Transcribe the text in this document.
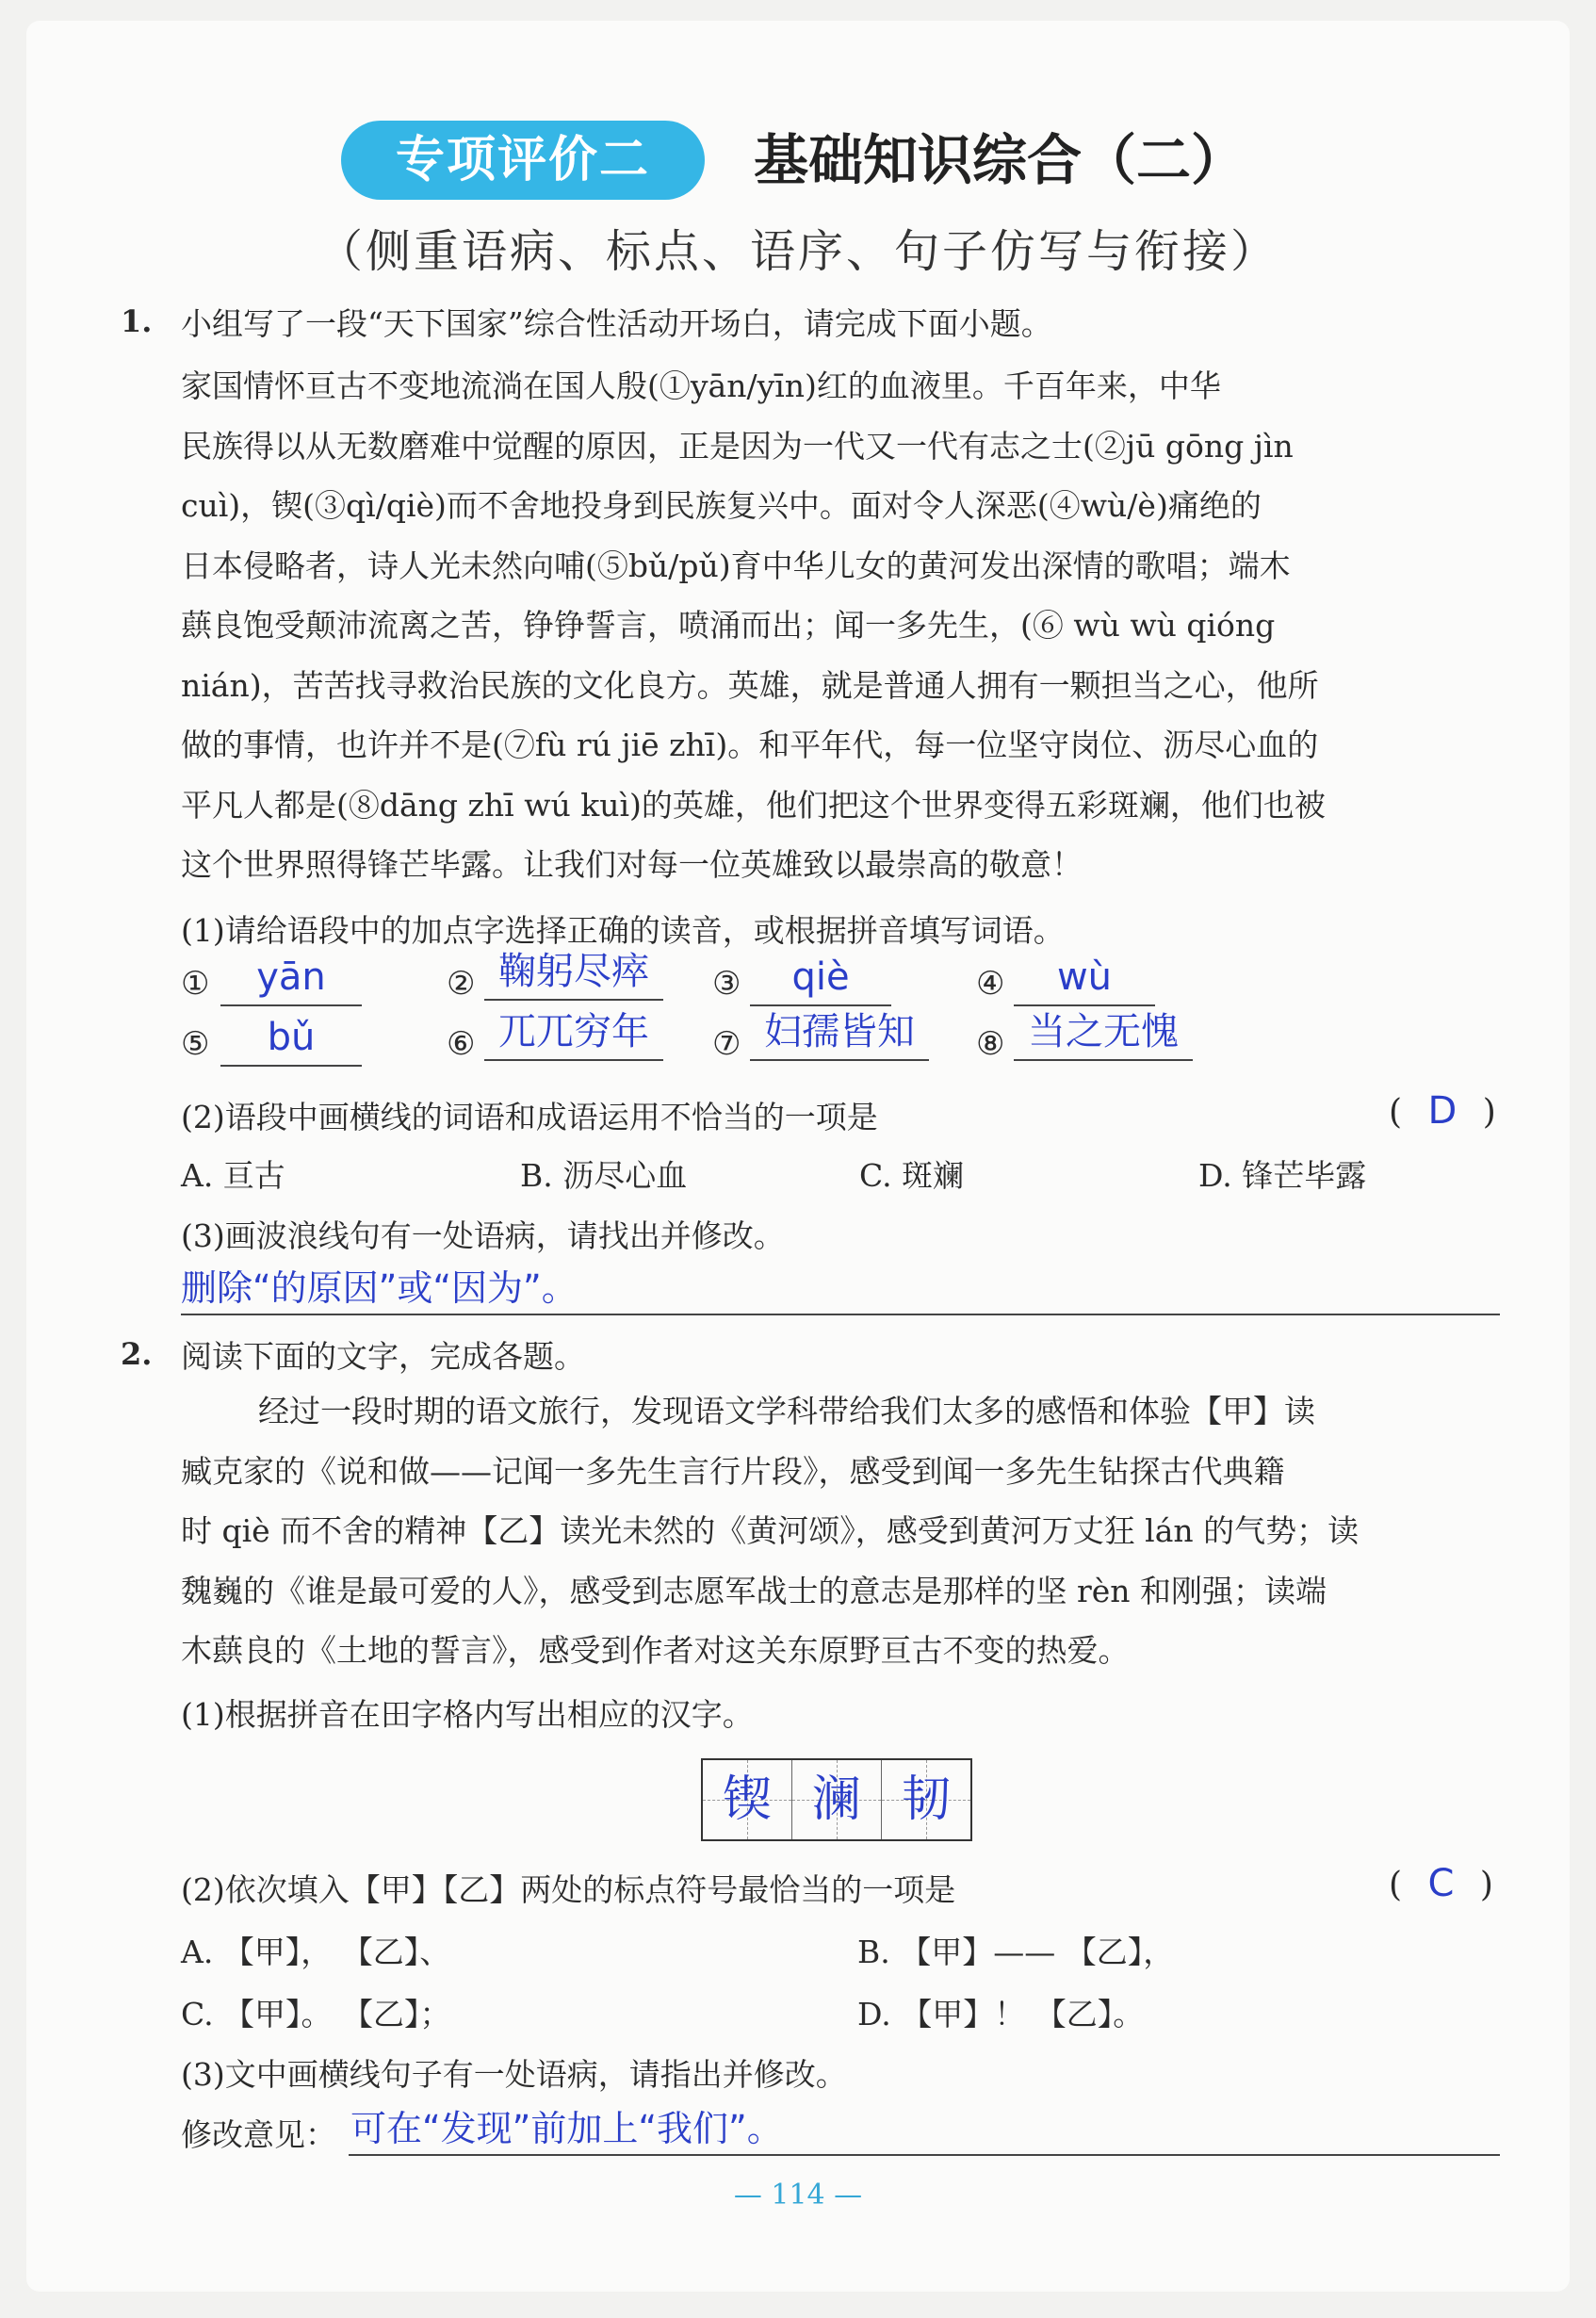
专项评价二	基础知识综合（二）
（侧重语病、标点、语序、句子仿写与衔接）
1. 小组写了一段“天下国家”综合性活动开场白，请完成下面小题。

家国情怀亘古不变地流淌在国人殷(①yān/yīn)红的血液里。千百年来，中华

民族得以从无数磨难中觉醒的原因，正是因为一代又一代有志之士(②jū gōng jìn

cuì)，锲(③qì/qiè)而不舍地投身到民族复兴中。面对令人深恶(④wù/è)痛绝的

日本侵略者，诗人光未然向哺(⑤bǔ/pǔ)育中华儿女的黄河发出深情的歌唱；端木

蕻良饱受颠沛流离之苦，铮铮誓言，喷涌而出；闻一多先生，(⑥ wù wù qióng

nián)，苦苦找寻救治民族的文化良方。英雄，就是普通人拥有一颗担当之心，他所

做的事情，也许并不是(⑦fù rú jiē zhī)。和平年代，每一位坚守岗位、沥尽心血的

平凡人都是(⑧dāng zhī wú kuì)的英雄，他们把这个世界变得五彩斑斓，他们也被

这个世界照得锋芒毕露。让我们对每一位英雄致以最崇高的敬意！

(1)请给语段中的加点字选择正确的读音，或根据拼音填写词语。
①	yān	② 鞠躬尽瘁	③	qiè	④	wù
⑤	bǔ	⑥ 兀兀穷年	⑦ 妇孺皆知	⑧ 当之无愧
(2)语段中画横线的词语和成语运用不恰当的一项是	( D )
A. 亘古	B. 沥尽心血	C. 斑斓	D. 锋芒毕露
(3)画波浪线句有一处语病，请找出并修改。
删除“的原因”或“因为”。
2. 阅读下面的文字，完成各题。

经过一段时期的语文旅行，发现语文学科带给我们太多的感悟和体验【甲】读

臧克家的《说和做——记闻一多先生言行片段》，感受到闻一多先生钻探古代典籍

时 qiè 而不舍的精神【乙】读光未然的《黄河颂》，感受到黄河万丈狂 lán 的气势；读

魏巍的《谁是最可爱的人》，感受到志愿军战士的意志是那样的坚 rèn 和刚强；读端

木蕻良的《土地的誓言》，感受到作者对这关东原野亘古不变的热爱。

(1)根据拼音在田字格内写出相应的汉字。
锲 澜 韧
(2)依次填入【甲】【乙】两处的标点符号最恰当的一项是	( C )
A. 【甲】， 【乙】、	B. 【甲】—— 【乙】，
C. 【甲】。 【乙】；	D. 【甲】！ 【乙】。
(3)文中画横线句子有一处语病，请指出并修改。
修改意见： 可在“发现”前加上“我们”。
— 114 —
